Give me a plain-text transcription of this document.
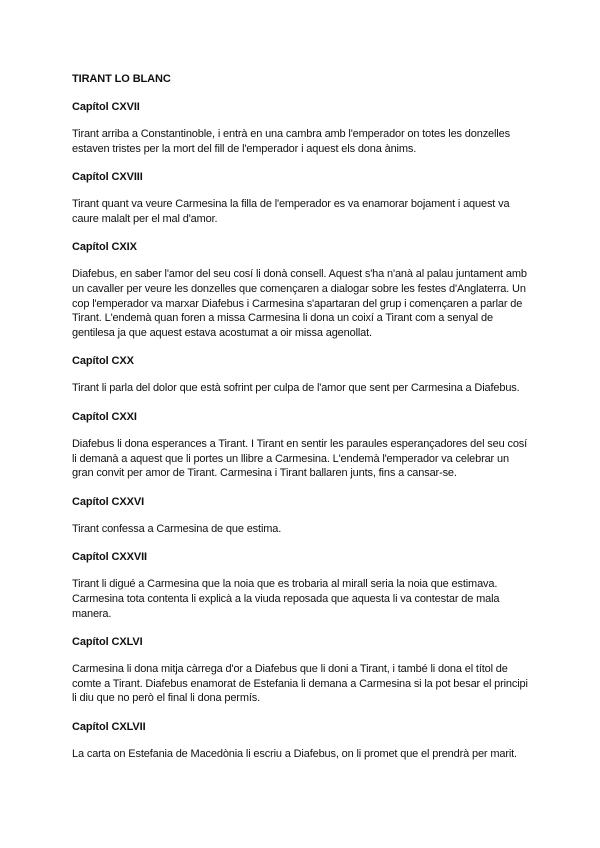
TIRANT LO BLANC
Capítol CXVII

Tirant arriba a Constantinoble, i entrà en una cambra amb l'emperador on totes les donzelles estaven tristes per la mort del fill de l'emperador i aquest els dona ànims.

Capítol CXVIII

Tirant quant va veure Carmesina la filla de l'emperador es va enamorar bojament i aquest va caure malalt per el mal d'amor.

Capítol CXIX

Diafebus, en saber l'amor del seu cosí li donà consell. Aquest s'ha n'anà al palau juntament amb un cavaller per veure les donzelles que començaren a dialogar sobre les festes d'Anglaterra. Un cop l'emperador va marxar Diafebus i Carmesina s'apartaran del grup i començaren a parlar de Tirant. L'endemà quan foren a missa Carmesina li dona un coixí a Tirant com a senyal de gentilesa ja que aquest estava acostumat a oir missa agenollat.

Capítol CXX

Tirant li parla del dolor que està sofrint per culpa de l'amor que sent per Carmesina a Diafebus.

Capítol CXXI

Diafebus li dona esperances a Tirant. I Tirant en sentir les paraules esperançadores del seu cosí li demanà a aquest que li portes un llibre a Carmesina. L'endemà l'emperador va celebrar un gran convit per amor de Tirant. Carmesina i Tirant ballaren junts, fins a cansar-se.

Capítol CXXVI

Tirant confessa a Carmesina de que estima.

Capítol CXXVII

Tirant li digué a Carmesina que la noia que es trobaria al mirall seria la noia que estimava. Carmesina tota contenta li explicà a la viuda reposada que aquesta li va contestar de mala manera.

Capítol CXLVI

Carmesina li dona mitja càrrega d'or a Diafebus que li doni a Tirant, i també li dona el títol de comte a Tirant. Diafebus enamorat de Estefania li demana a Carmesina si la pot besar el principi li diu que no però el final li dona permís.

Capítol CXLVII

La carta on Estefania de Macedònia li escriu a Diafebus, on li promet que el prendrà per marit.
